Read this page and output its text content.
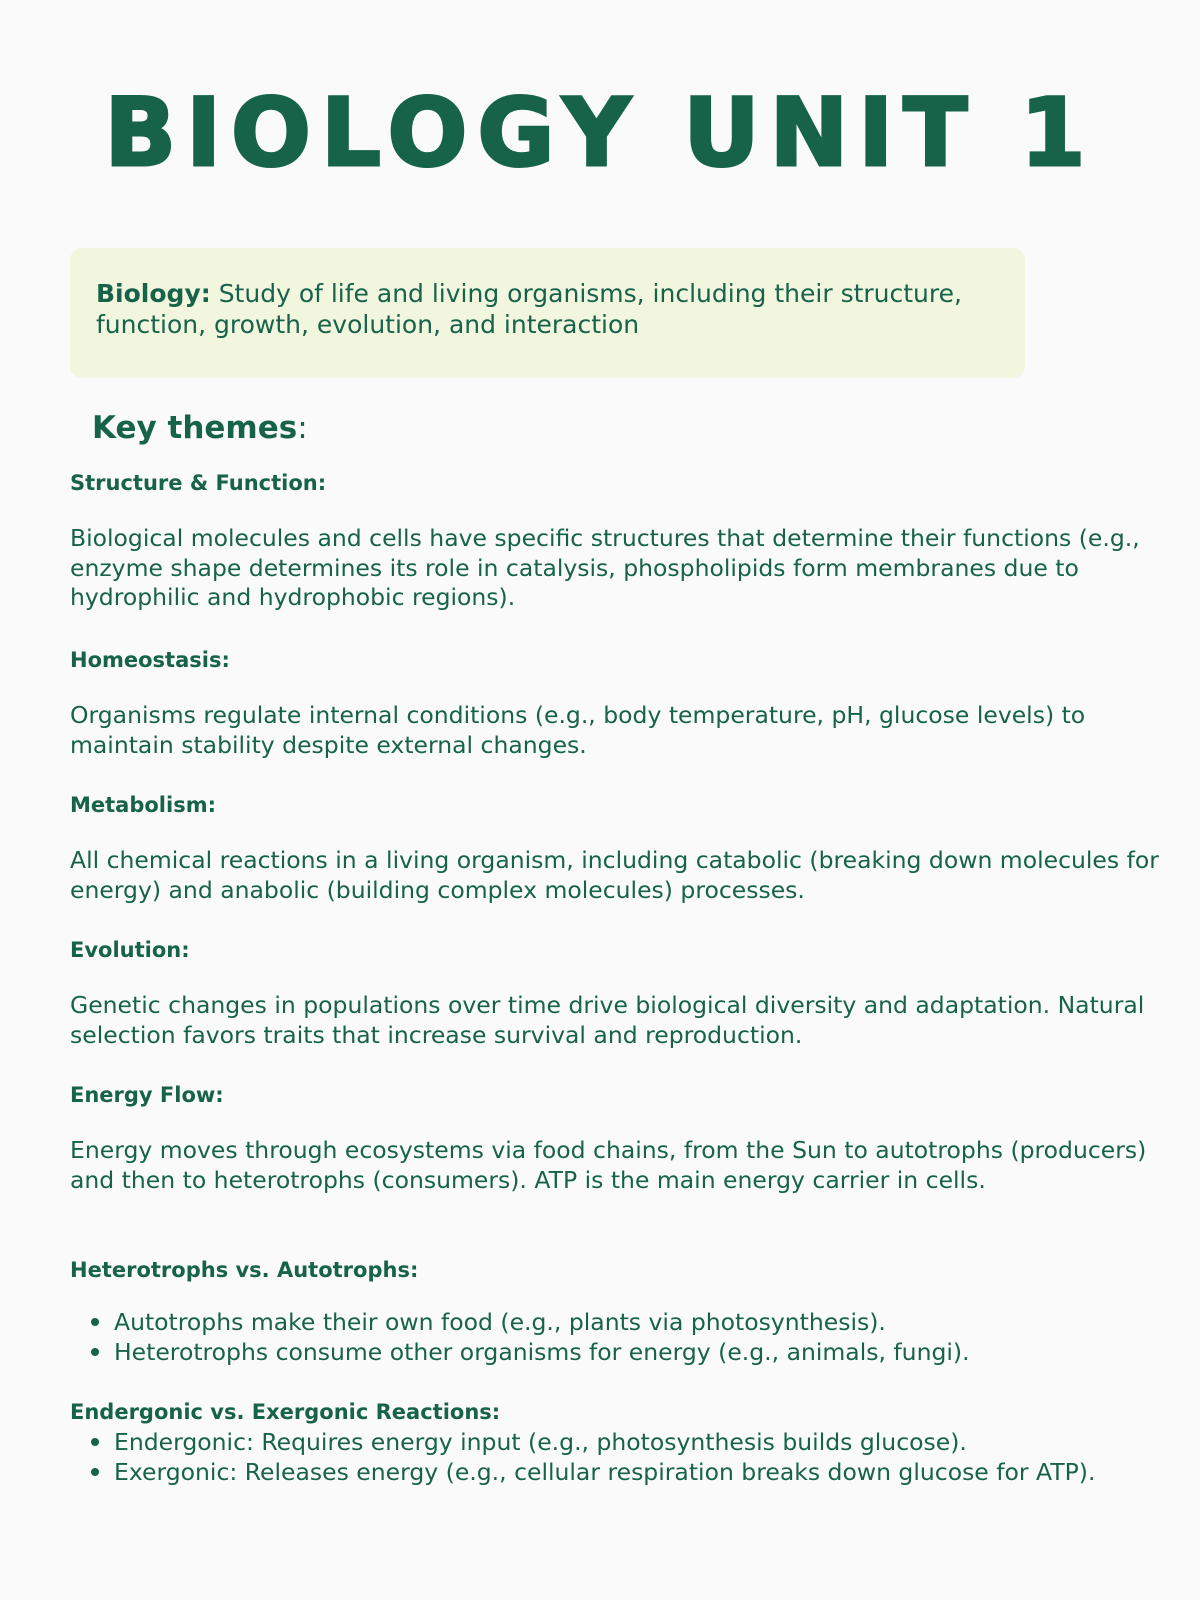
BIOLOGY UNIT 1
Biology: Study of life and living organisms, including their structure, function, growth, evolution, and interaction
Key themes:
Structure & Function:

Biological molecules and cells have specific structures that determine their functions (e.g., enzyme shape determines its role in catalysis, phospholipids form membranes due to hydrophilic and hydrophobic regions).

Homeostasis:

Organisms regulate internal conditions (e.g., body temperature, pH, glucose levels) to maintain stability despite external changes.

Metabolism:

All chemical reactions in a living organism, including catabolic (breaking down molecules for energy) and anabolic (building complex molecules) processes.

Evolution:

Genetic changes in populations over time drive biological diversity and adaptation. Natural selection favors traits that increase survival and reproduction.

Energy Flow:

Energy moves through ecosystems via food chains, from the Sun to autotrophs (producers) and then to heterotrophs (consumers). ATP is the main energy carrier in cells.

Heterotrophs vs. Autotrophs:
Autotrophs make their own food (e.g., plants via photosynthesis).
Heterotrophs consume other organisms for energy (e.g., animals, fungi).
Endergonic vs. Exergonic Reactions:
Endergonic: Requires energy input (e.g., photosynthesis builds glucose).
Exergonic: Releases energy (e.g., cellular respiration breaks down glucose for ATP).
